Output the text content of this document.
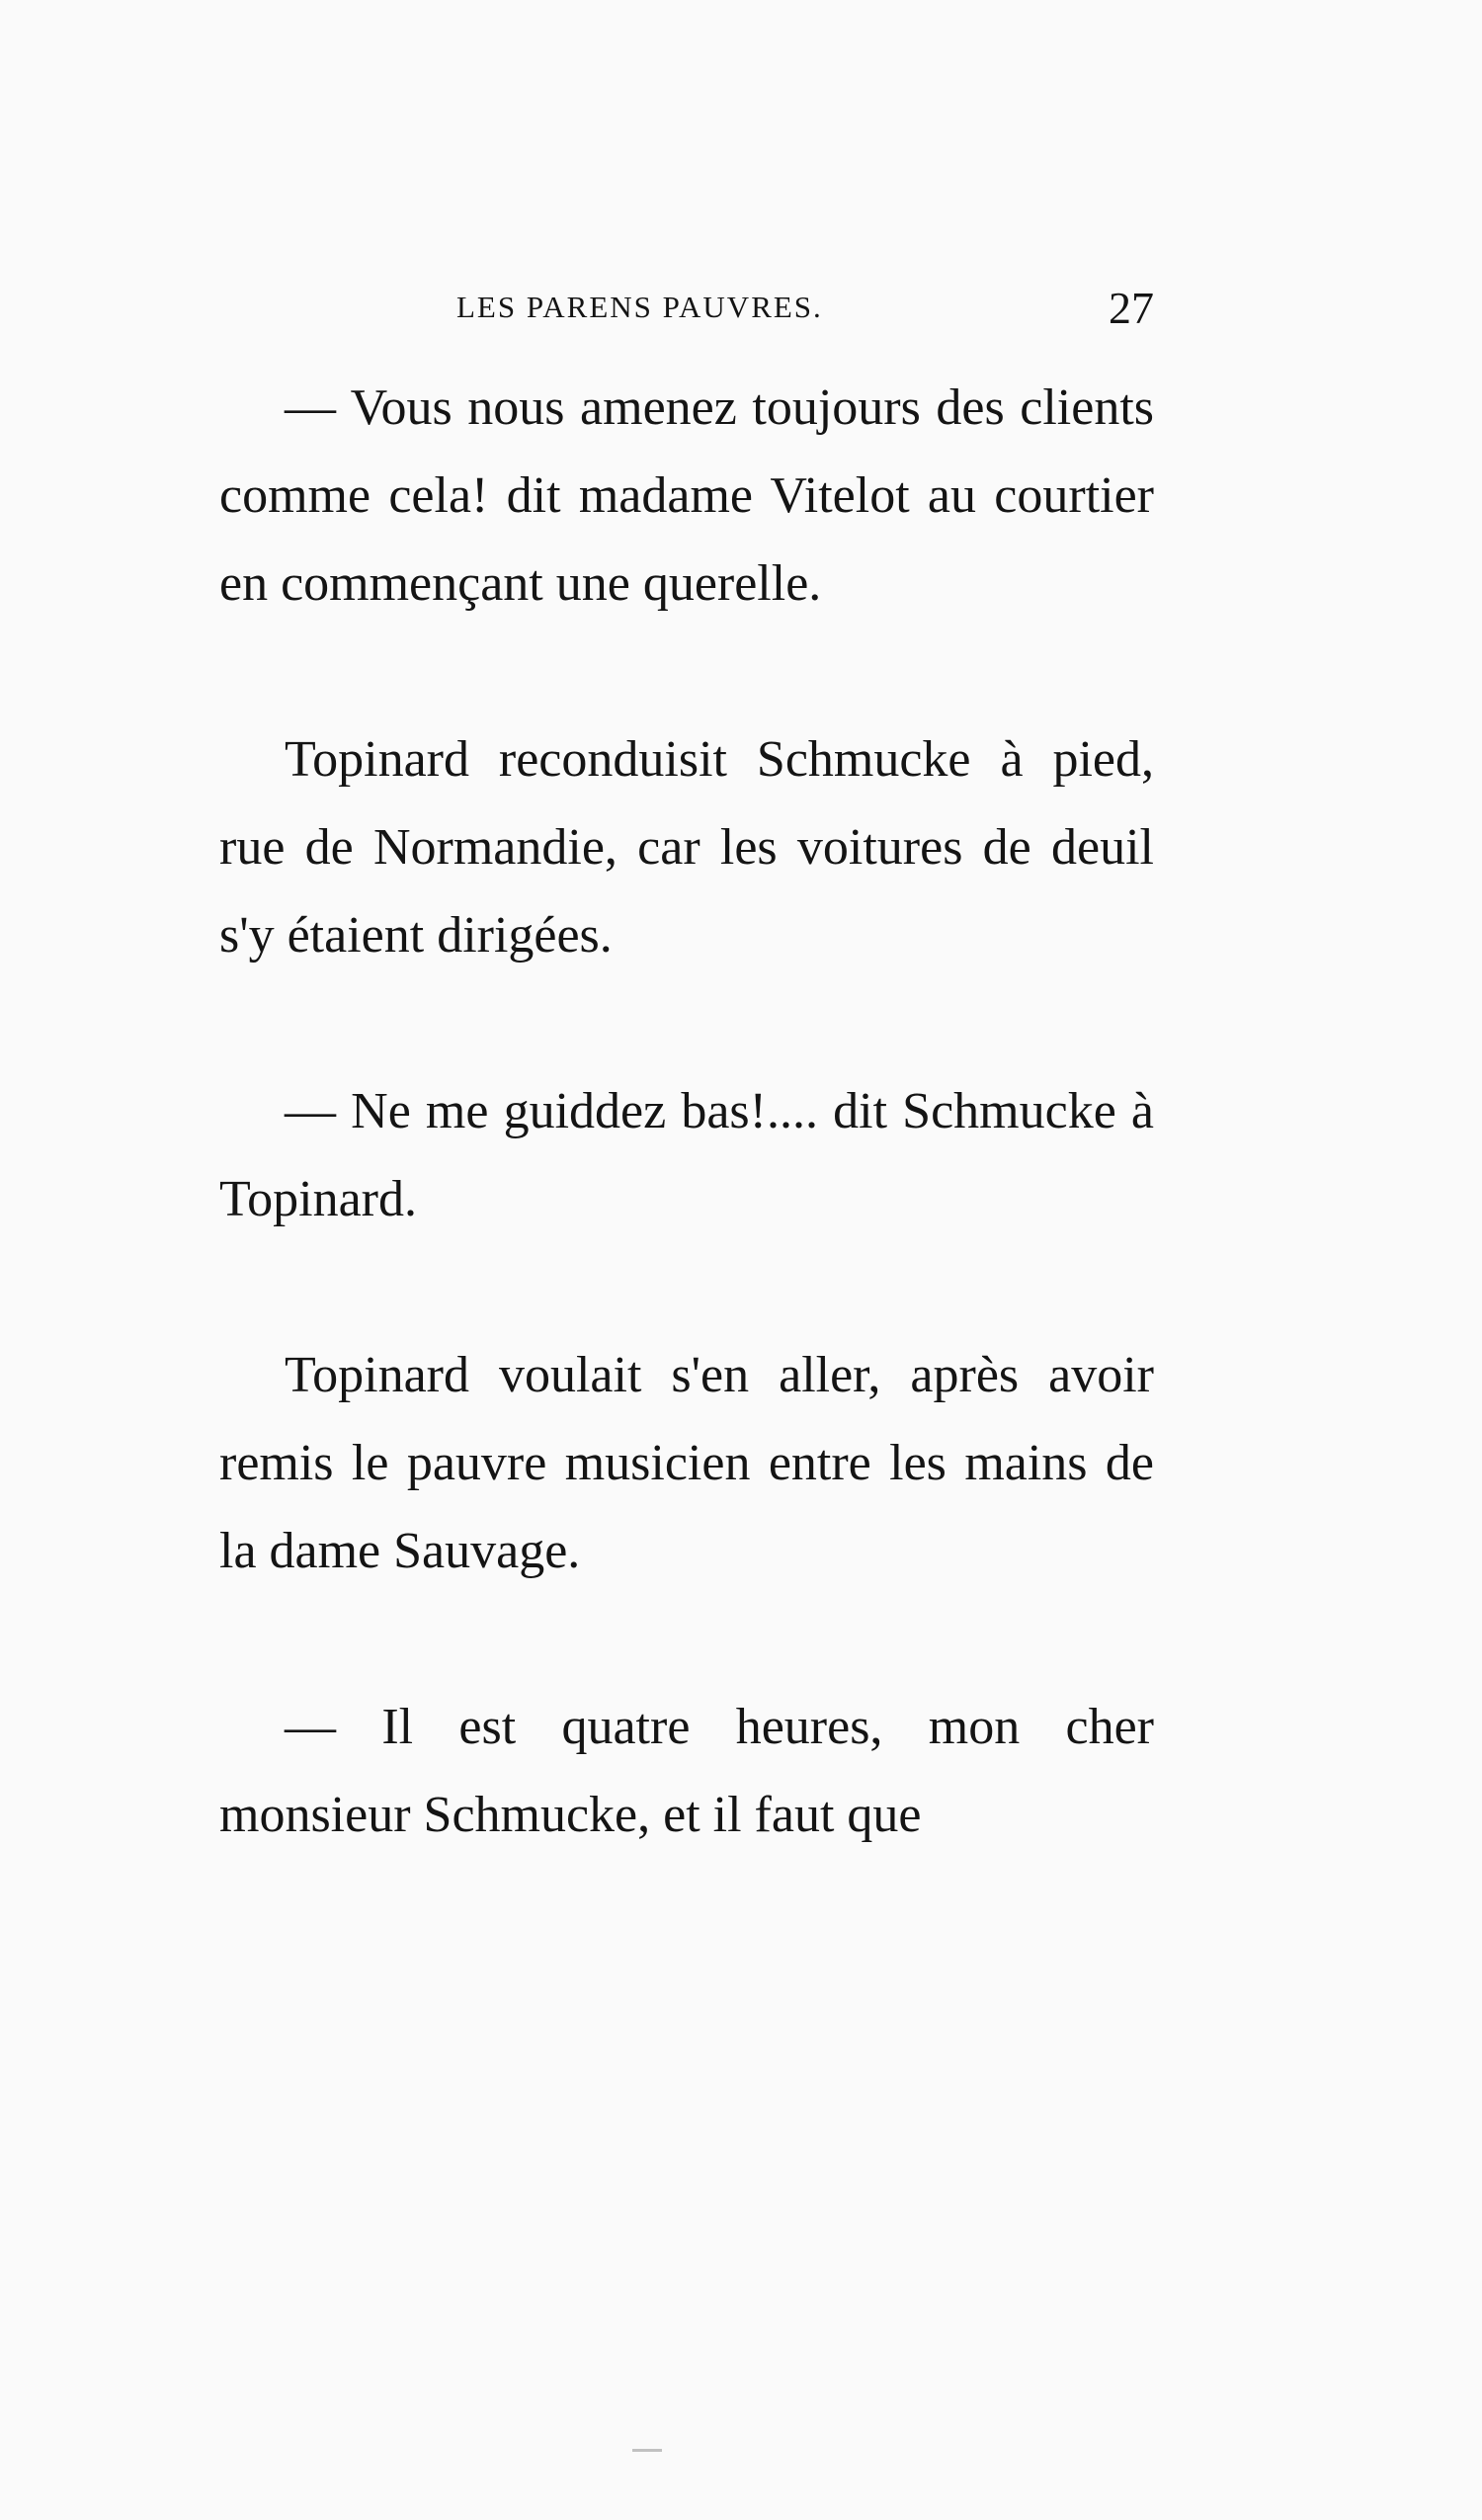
LES PARENS PAUVRES.	27

— Vous nous amenez toujours des clients comme cela! dit madame Vitelot au courtier en commençant une querelle.

Topinard reconduisit Schmucke à pied, rue de Normandie, car les voitures de deuil s'y étaient dirigées.

— Ne me guiddez bas!.... dit Schmucke à Topinard.

Topinard voulait s'en aller, après avoir remis le pauvre musicien entre les mains de la dame Sauvage.

— Il est quatre heures, mon cher monsieur Schmucke, et il faut que
